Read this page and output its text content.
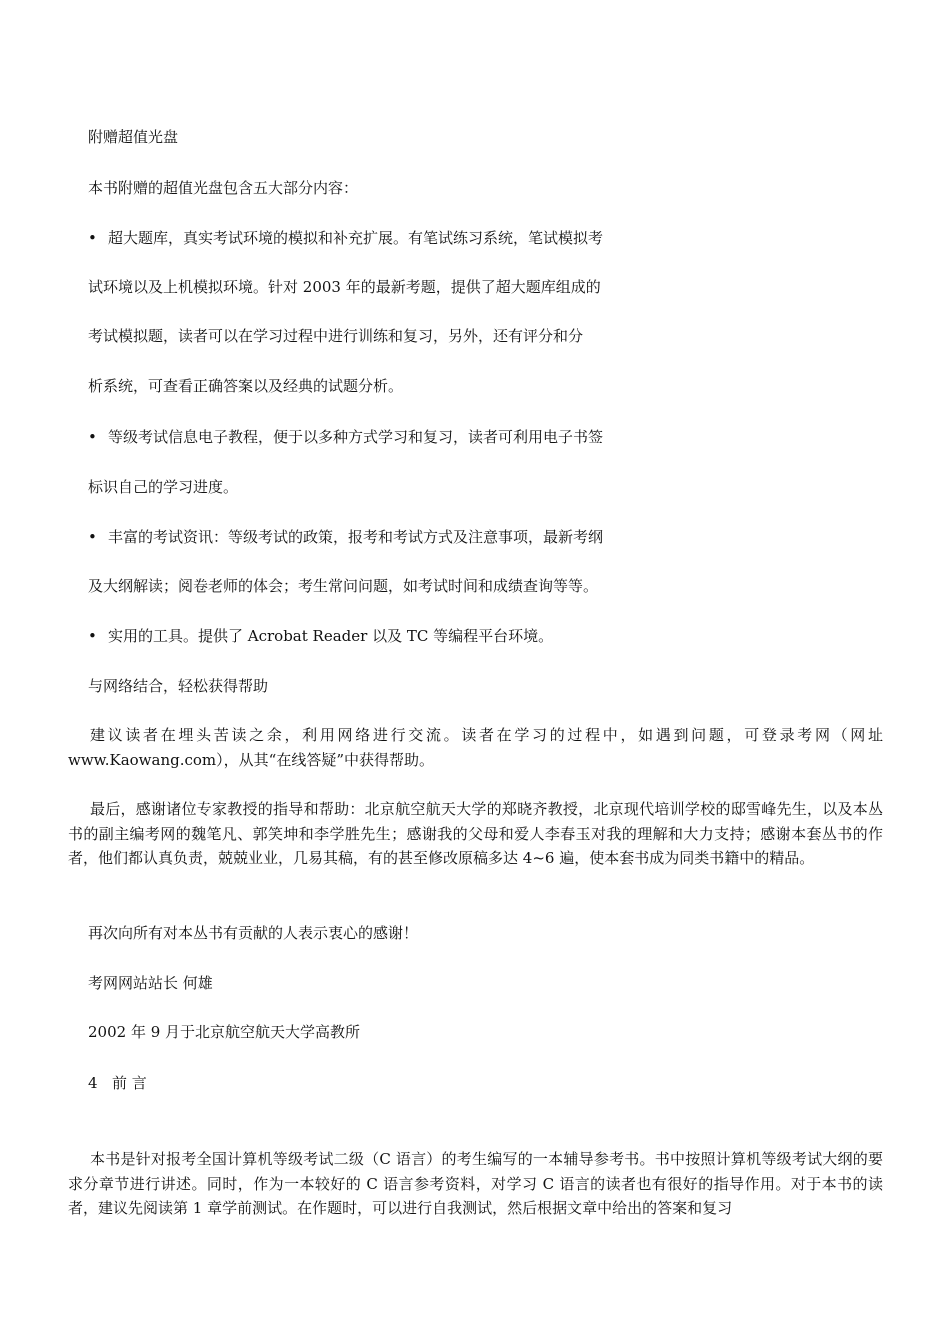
附赠超值光盘
本书附赠的超值光盘包含五大部分内容：
• 超大题库，真实考试环境的模拟和补充扩展。有笔试练习系统，笔试模拟考
试环境以及上机模拟环境。针对 2003 年的最新考题，提供了超大题库组成的
考试模拟题，读者可以在学习过程中进行训练和复习，另外，还有评分和分
析系统，可查看正确答案以及经典的试题分析。
• 等级考试信息电子教程，便于以多种方式学习和复习，读者可利用电子书签
标识自己的学习进度。
• 丰富的考试资讯：等级考试的政策，报考和考试方式及注意事项，最新考纲
及大纲解读；阅卷老师的体会；考生常问问题，如考试时间和成绩查询等等。
• 实用的工具。提供了 Acrobat Reader 以及 TC 等编程平台环境。
与网络结合，轻松获得帮助
建议读者在埋头苦读之余，利用网络进行交流。读者在学习的过程中，如遇到问题，可登录考网（网址 www.Kaowang.com），从其“在线答疑”中获得帮助。
最后，感谢诸位专家教授的指导和帮助：北京航空航天大学的郑晓齐教授，北京现代培训学校的邸雪峰先生，以及本丛书的副主编考网的魏笔凡、郭笑坤和李学胜先生；感谢我的父母和爱人李春玉对我的理解和大力支持；感谢本套丛书的作者，他们都认真负责，兢兢业业，几易其稿，有的甚至修改原稿多达 4~6 遍，使本套书成为同类书籍中的精品。
再次向所有对本丛书有贡献的人表示衷心的感谢！
考网网站站长 何雄
2002 年 9 月于北京航空航天大学高教所
4 前 言
本书是针对报考全国计算机等级考试二级（C 语言）的考生编写的一本辅导参考书。书中按照计算机等级考试大纲的要求分章节进行讲述。同时，作为一本较好的 C 语言参考资料，对学习 C 语言的读者也有很好的指导作用。对于本书的读者，建议先阅读第 1 章学前测试。在作题时，可以进行自我测试，然后根据文章中给出的答案和复习
